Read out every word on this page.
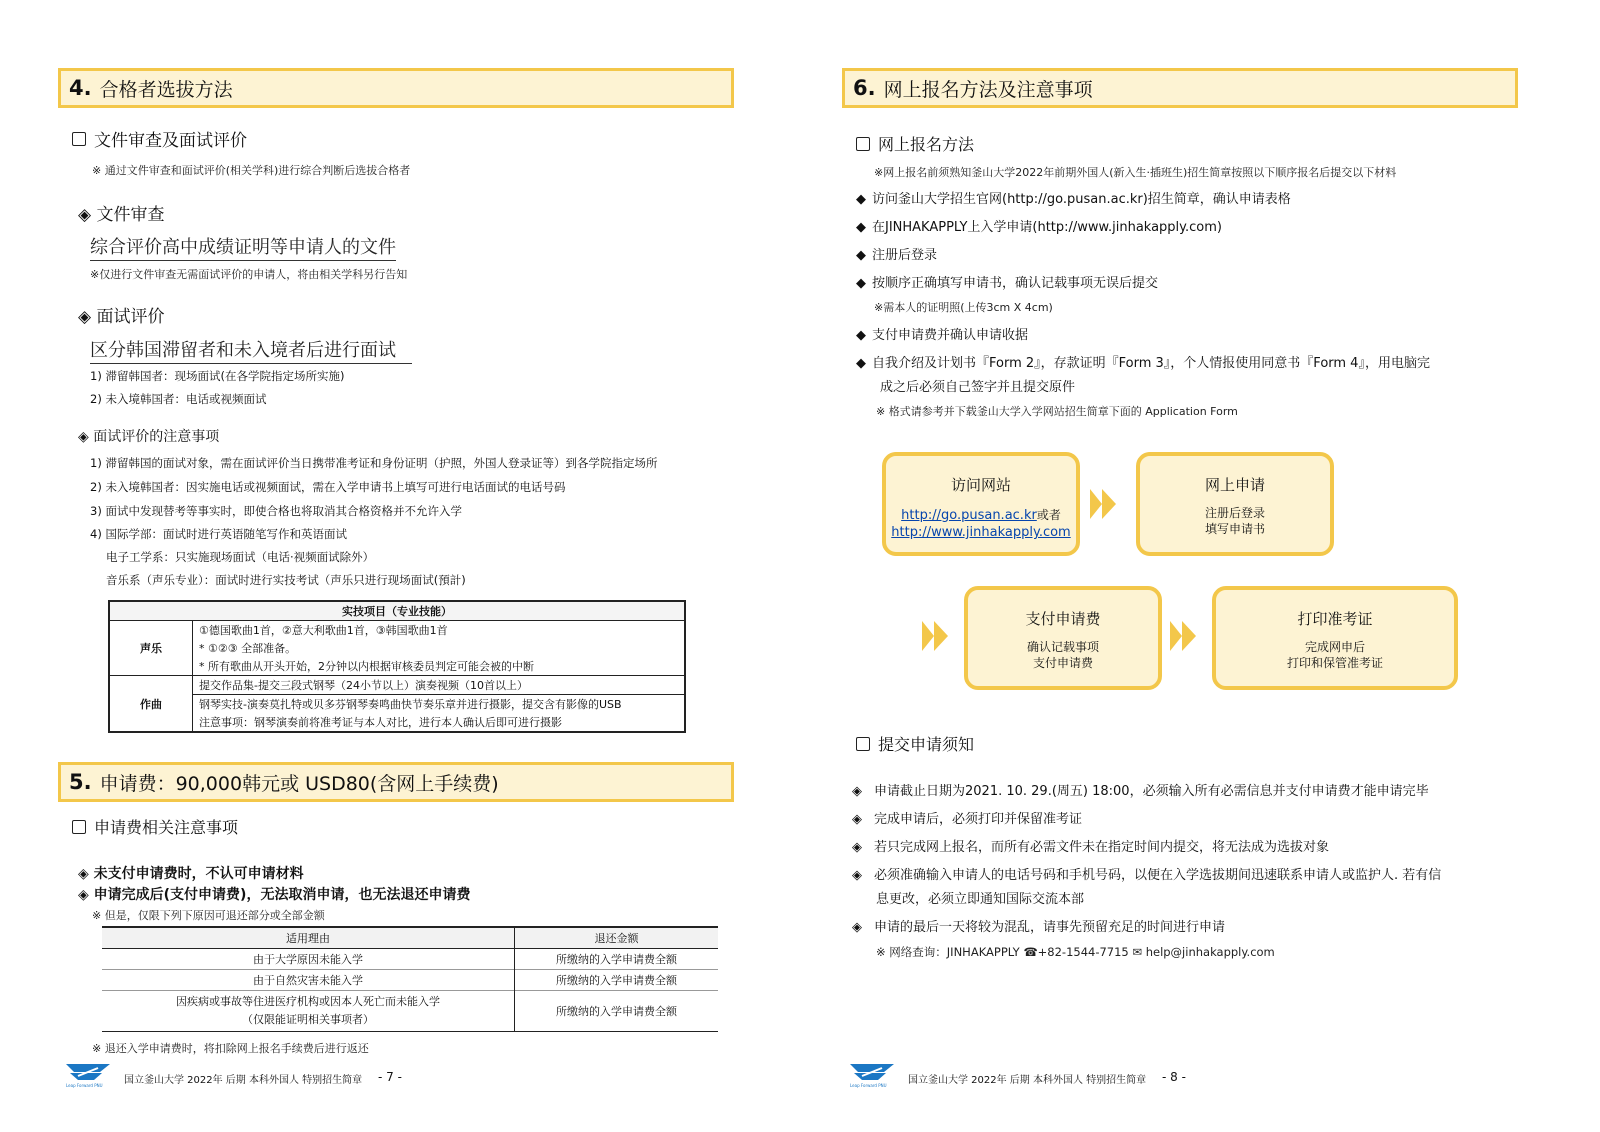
4. 合格者选拔方法
文件审查及面试评价
※ 通过文件审查和面试评价(相关学科)进行综合判断后选拔合格者
◈ 文件审查
综合评价高中成绩证明等申请人的文件
※仅进行文件审查无需面试评价的申请人，将由相关学科另行告知
◈ 面试评价
区分韩国滞留者和未入境者后进行面试
1) 滞留韩国者：现场面试(在各学院指定场所实施)
2) 未入境韩国者：电话或视频面试
◈ 面试评价的注意事项
1) 滞留韩国的面试对象，需在面试评价当日携带准考证和身份证明（护照，外国人登录证等）到各学院指定场所
2) 未入境韩国者：因实施电话或视频面试，需在入学申请书上填写可进行电话面试的电话号码
3) 面试中发现替考等事实时，即使合格也将取消其合格资格并不允许入学
4) 国际学部：面试时进行英语随笔写作和英语面试
电子工学系：只实施现场面试（电话·视频面试除外）
音乐系（声乐专业）：面试时进行实技考试（声乐只进行现场面试(預計)
实技项目（专业技能）	
声乐	①德国歌曲1首，②意大利歌曲1首，③韩国歌曲1首
	* ①②③ 全部准备。
	* 所有歌曲从开头开始，2分钟以内根据审核委员判定可能会被的中断
作曲	提交作品集-提交三段式钢琴（24小节以上）演奏视频（10首以上）
	钢琴实技-演奏莫扎特或贝多芬钢琴奏鸣曲快节奏乐章并进行摄影，提交含有影像的USB
	注意事项：钢琴演奏前将准考证与本人对比，进行本人确认后即可进行摄影
5. 申请费：90,000韩元或 USD80(含网上手续费)
申请费相关注意事项
◈ 未支付申请费时，不认可申请材料
◈ 申请完成后(支付申请费)，无法取消申请，也无法退还申请费
※ 但是，仅限下列下原因可退还部分或全部金额
适用理由	退还金额
由于大学原因未能入学	所缴纳的入学申请费全额
由于自然灾害未能入学	所缴纳的入学申请费全额
因疾病或事故等住进医疗机构或因本人死亡而未能入学
（仅限能证明相关事项者）	所缴纳的入学申请费全额
※ 退还入学申请费时，将扣除网上报名手续费后进行返还
Leap Forward PNU 国立釜山大学 2022年 后期 本科外国人 特别招生简章 - 7 -
6. 网上报名方法及注意事项
网上报名方法
※网上报名前须熟知釜山大学2022年前期外国人(新入生·插班生)招生简章按照以下顺序报名后提交以下材料
◆ 访问釜山大学招生官网(http://go.pusan.ac.kr)招生简章，确认申请表格
◆ 在JINHAKAPPLY上入学申请(http://www.jinhakapply.com)
◆ 注册后登录
◆ 按顺序正确填写申请书，确认记载事项无误后提交
※需本人的证明照(上传3cm X 4cm)
◆ 支付申请费并确认申请收据
◆ 自我介绍及计划书『Form 2』，存款证明『Form 3』，个人情报使用同意书『Form 4』，用电脑完
成之后必须自己签字并且提交原件
※ 格式请参考并下载釜山大学入学网站招生简章下面的 Application Form
访问网站
http://go.pusan.ac.kr或者
http://www.jinhakapply.com
网上申请
注册后登录
填写申请书
支付申请费
确认记载事项
支付申请费
打印准考证
完成网申后
打印和保管准考证
提交申请须知
◈ 申请截止日期为2021. 10. 29.(周五) 18:00，必须输入所有必需信息并支付申请费才能申请完毕
◈ 完成申请后，必须打印并保留准考证
◈ 若只完成网上报名，而所有必需文件未在指定时间内提交，将无法成为选拔对象
◈ 必须准确输入申请人的电话号码和手机号码，以便在入学选拔期间迅速联系申请人或监护人. 若有信
息更改，必须立即通知国际交流本部
◈ 申请的最后一天将较为混乱，请事先预留充足的时间进行申请
※ 网络查询：JINHAKAPPLY ☎+82-1544-7715 ✉ help@jinhakapply.com
Leap Forward PNU 国立釜山大学 2022年 后期 本科外国人 特别招生简章 - 8 -
